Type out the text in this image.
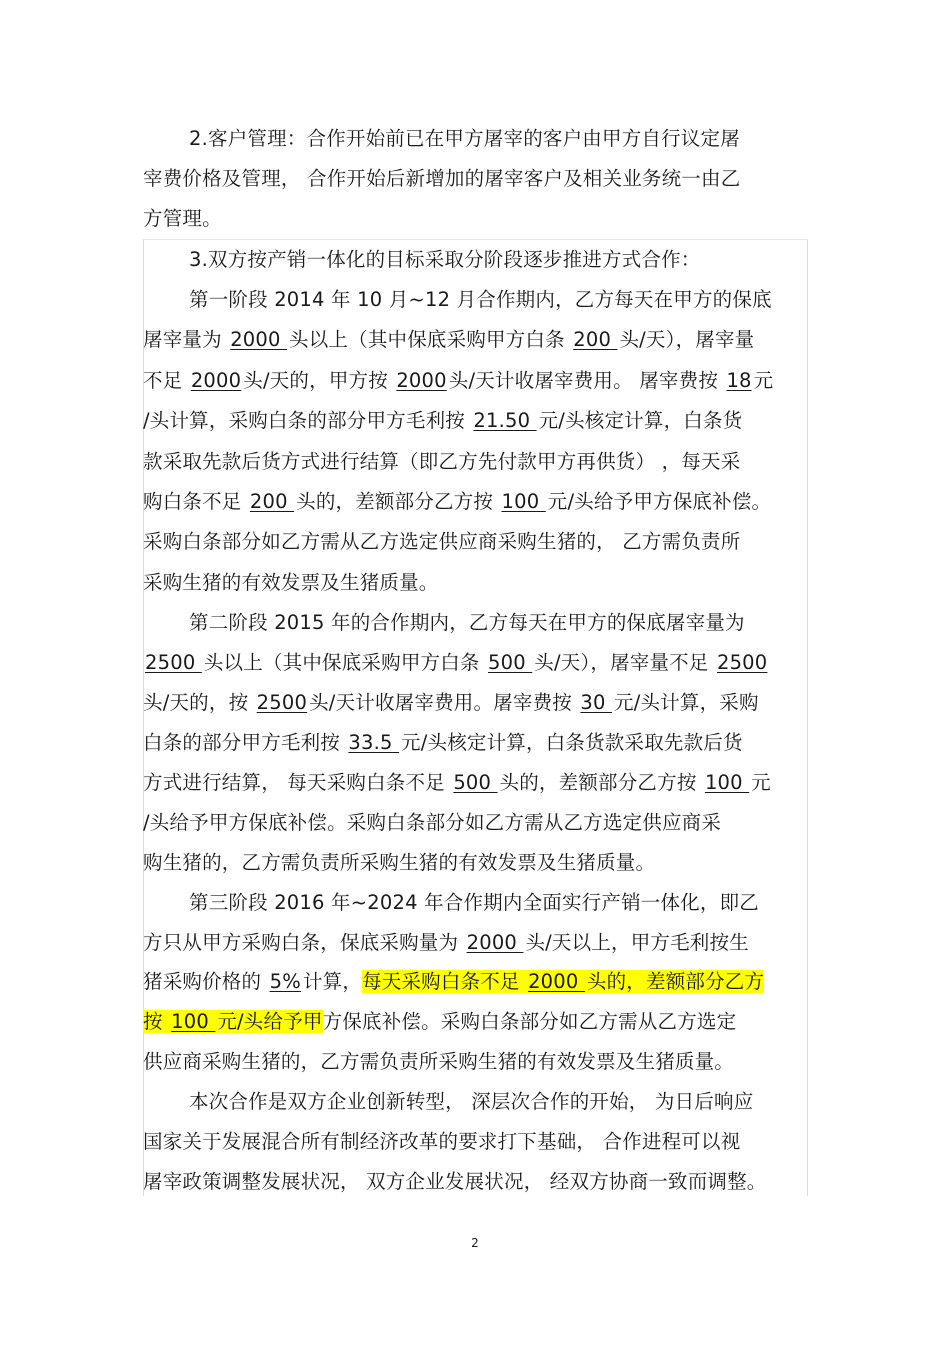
2.客户管理：合作开始前已在甲方屠宰的客户由甲方自行议定屠
宰费价格及管理， 合作开始后新增加的屠宰客户及相关业务统一由乙
方管理。
3.双方按产销一体化的目标采取分阶段逐步推进方式合作：
第一阶段 2014 年 10 月~12 月合作期内，乙方每天在甲方的保底
屠宰量为 2000 头以上（其中保底采购甲方白条 200 头/天），屠宰量
不足 2000 头/天的，甲方按 2000 头/天计收屠宰费用。 屠宰费按 18 元
/头计算，采购白条的部分甲方毛利按 21.50 元/头核定计算，白条货
款采取先款后货方式进行结算（即乙方先付款甲方再供货） ，每天采
购白条不足 200 头的，差额部分乙方按 100 元/头给予甲方保底补偿。
采购白条部分如乙方需从乙方选定供应商采购生猪的， 乙方需负责所
采购生猪的有效发票及生猪质量。
第二阶段 2015 年的合作期内，乙方每天在甲方的保底屠宰量为
2500 头以上（其中保底采购甲方白条 500 头/天），屠宰量不足 2500
头/天的，按 2500 头/天计收屠宰费用。屠宰费按 30 元/头计算，采购
白条的部分甲方毛利按 33.5 元/头核定计算，白条货款采取先款后货
方式进行结算， 每天采购白条不足 500 头的，差额部分乙方按 100 元
/头给予甲方保底补偿。采购白条部分如乙方需从乙方选定供应商采
购生猪的，乙方需负责所采购生猪的有效发票及生猪质量。
第三阶段 2016 年~2024 年合作期内全面实行产销一体化，即乙
方只从甲方采购白条，保底采购量为 2000 头/天以上，甲方毛利按生
猪采购价格的 5% 计算，每天采购白条不足 2000 头的，差额部分乙方
按 100 元/头给予甲方保底补偿。采购白条部分如乙方需从乙方选定
供应商采购生猪的，乙方需负责所采购生猪的有效发票及生猪质量。
本次合作是双方企业创新转型， 深层次合作的开始， 为日后响应
国家关于发展混合所有制经济改革的要求打下基础， 合作进程可以视
屠宰政策调整发展状况， 双方企业发展状况， 经双方协商一致而调整。
2
